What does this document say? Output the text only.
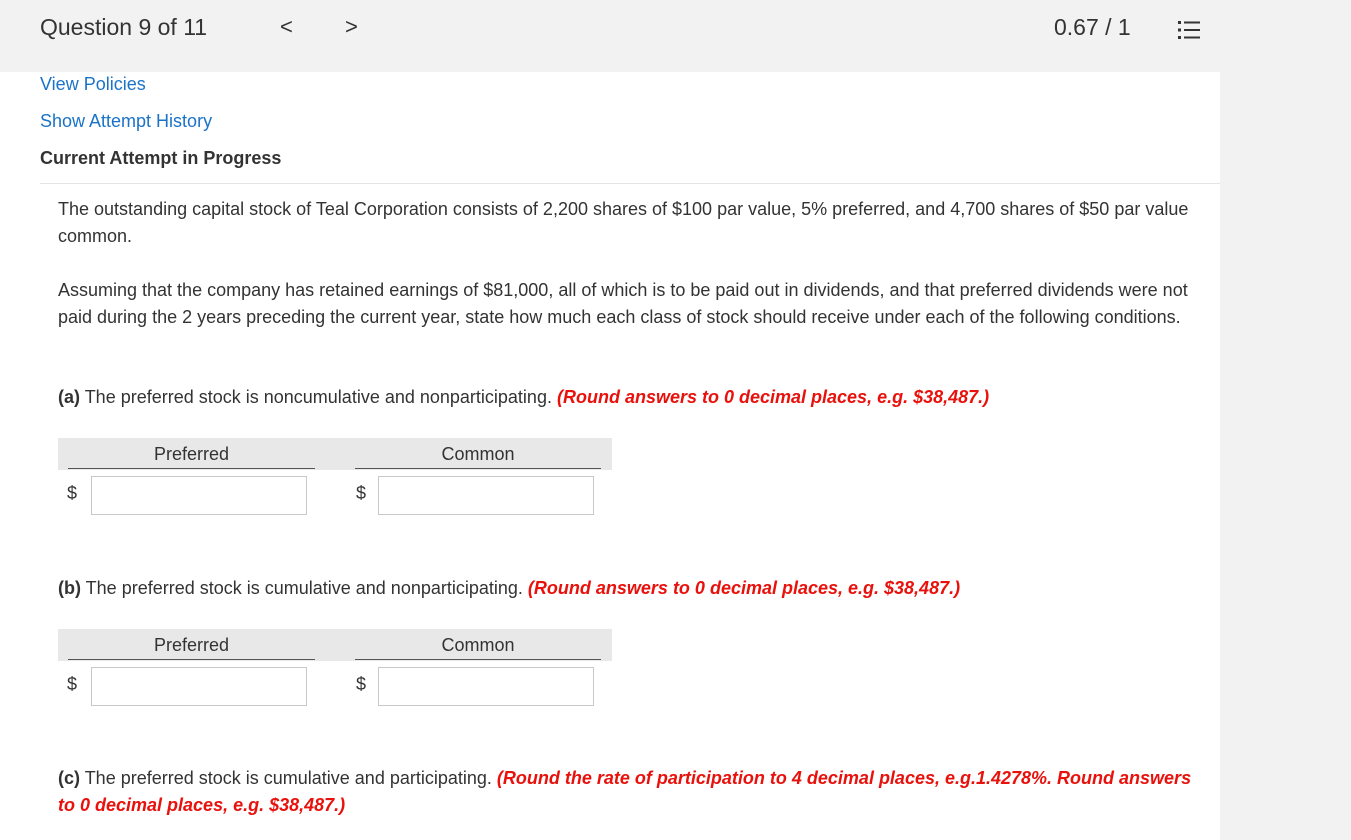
Question 9 of 11	< >	0.67 / 1
View Policies
Show Attempt History
Current Attempt in Progress

The outstanding capital stock of Teal Corporation consists of 2,200 shares of $100 par value, 5% preferred, and 4,700 shares of $50 par value common.

Assuming that the company has retained earnings of $81,000, all of which is to be paid out in dividends, and that preferred dividends were not paid during the 2 years preceding the current year, state how much each class of stock should receive under each of the following conditions.

(a) The preferred stock is noncumulative and nonparticipating. (Round answers to 0 decimal places, e.g. $38,487.)

Preferred	Common
$	$

(b) The preferred stock is cumulative and nonparticipating. (Round answers to 0 decimal places, e.g. $38,487.)

Preferred	Common
$	$

(c) The preferred stock is cumulative and participating. (Round the rate of participation to 4 decimal places, e.g.1.4278%. Round answers to 0 decimal places, e.g. $38,487.)
